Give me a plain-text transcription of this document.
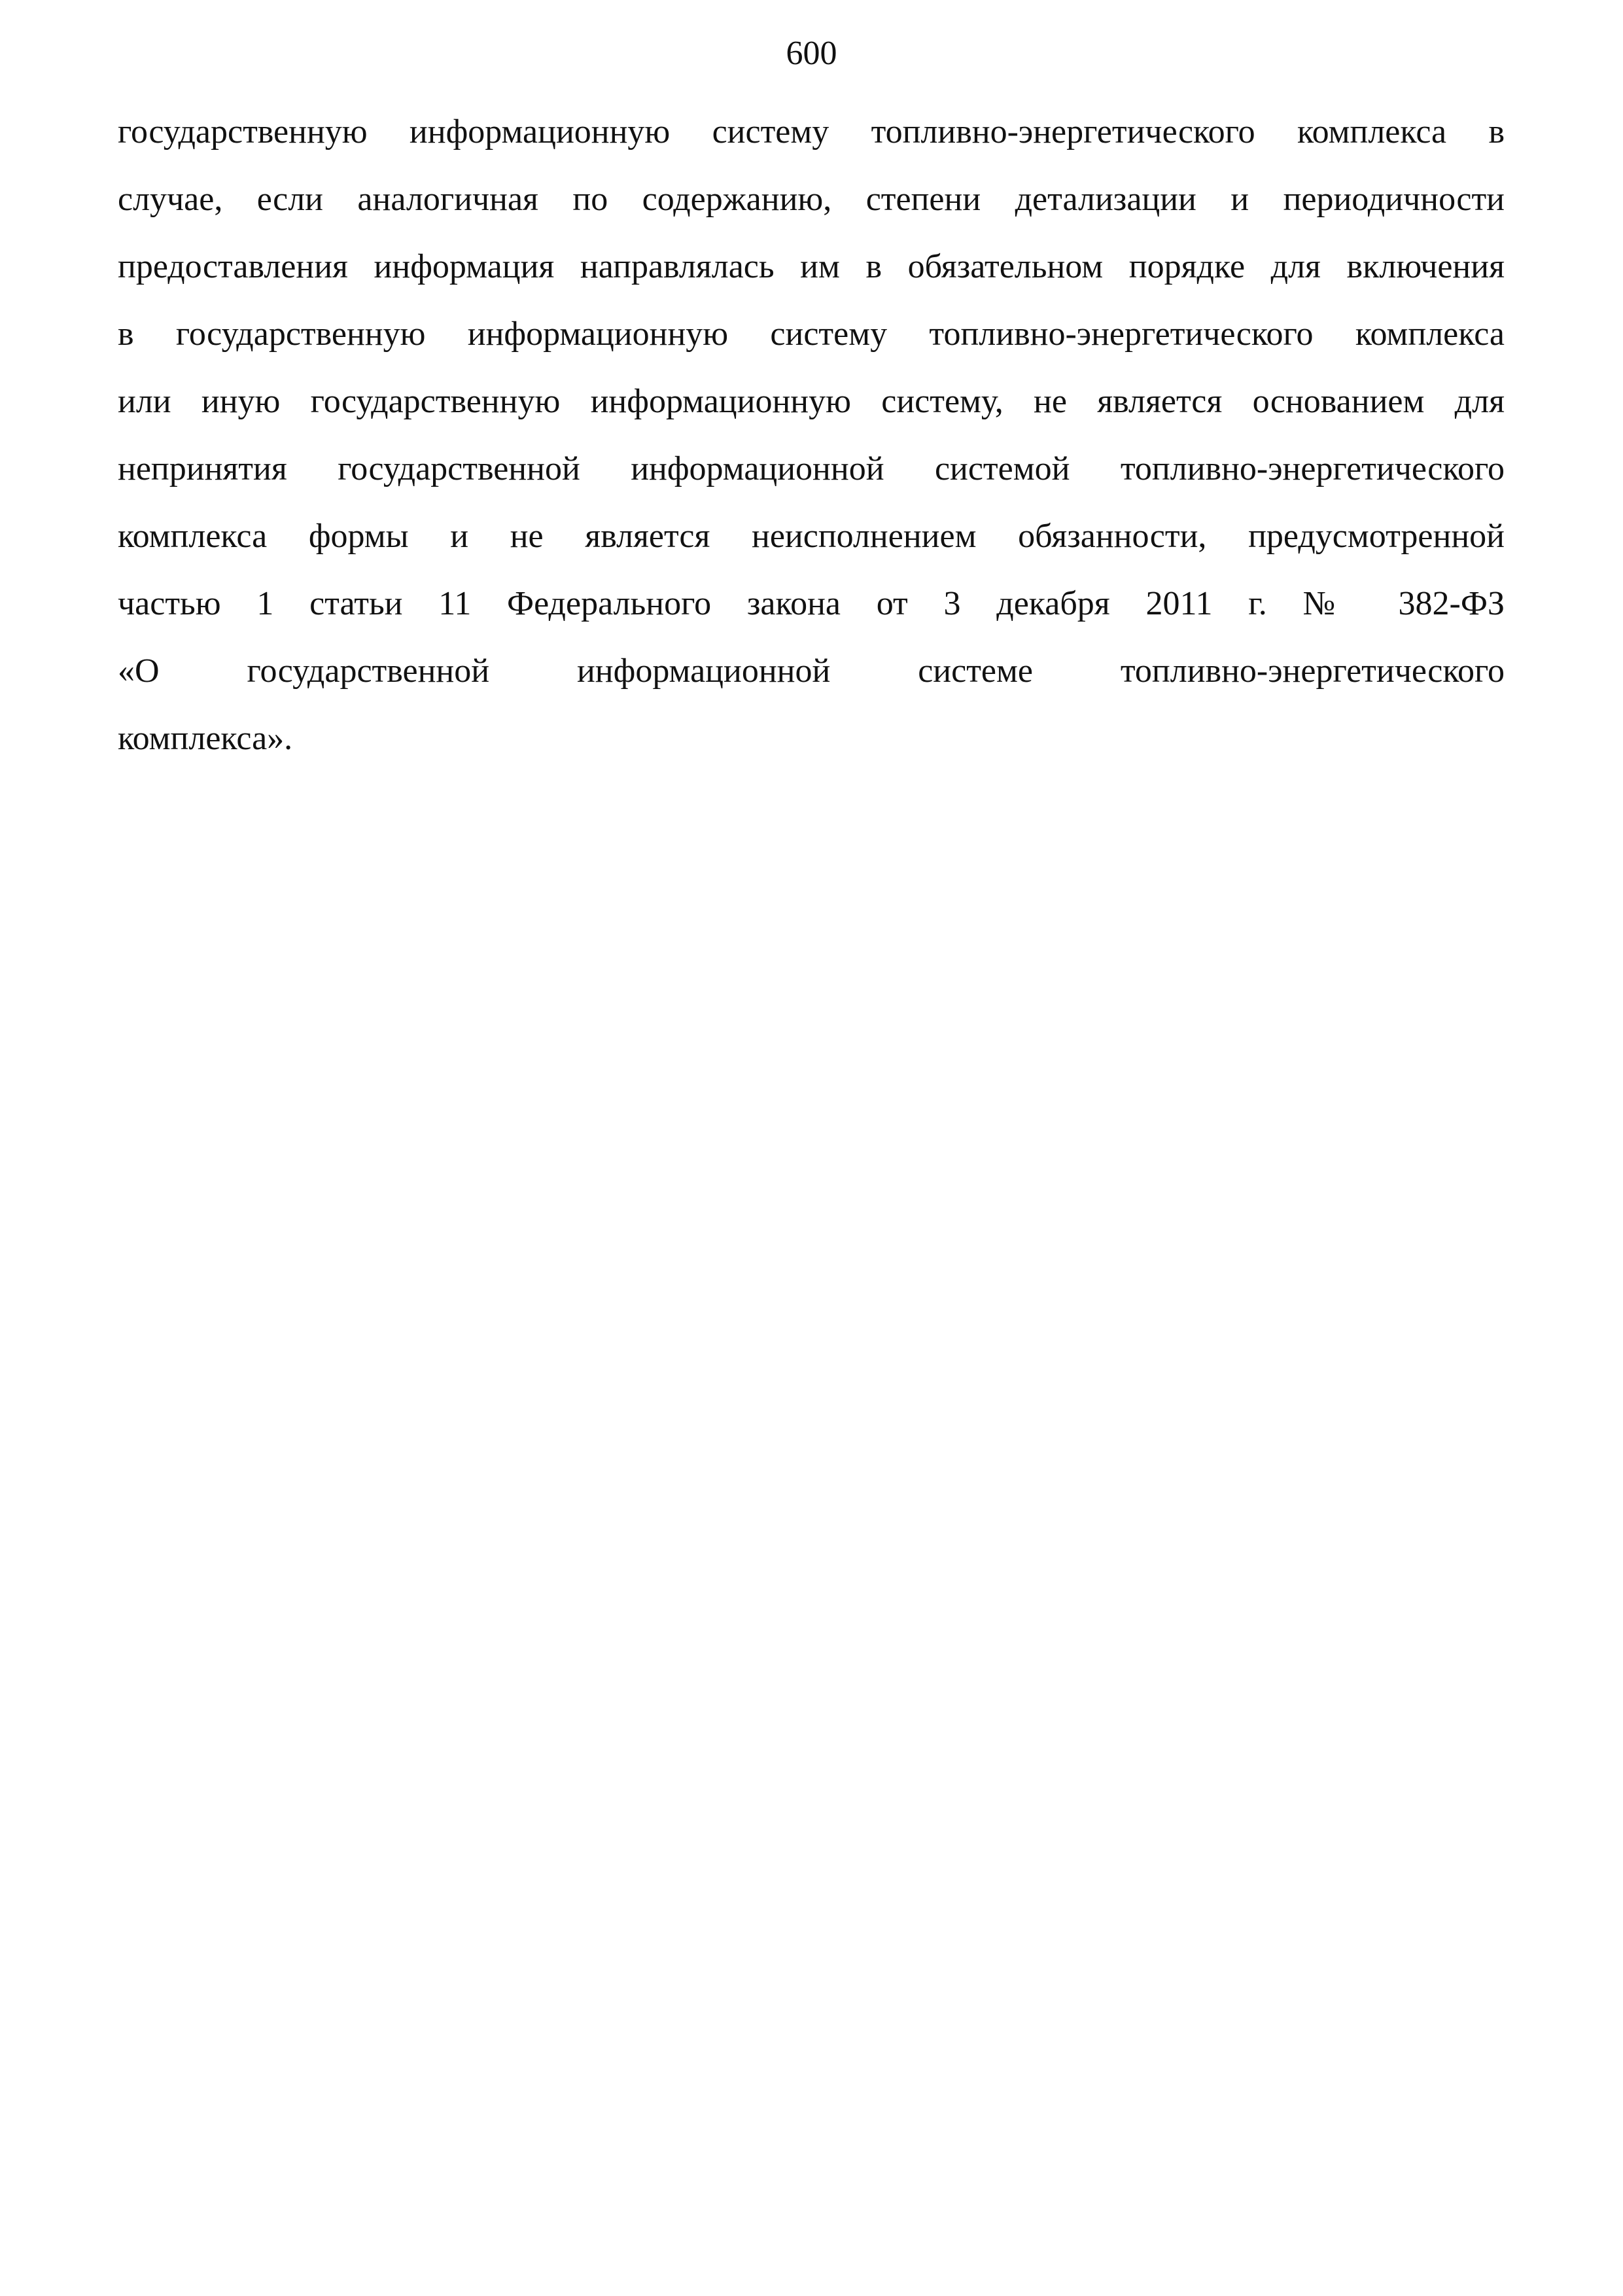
600
государственную информационную систему топливно-энергетического комплекса в
случае, если аналогичная по содержанию, степени детализации и периодичности
предоставления информация направлялась им в обязательном порядке для включения
в государственную информационную систему топливно-энергетического комплекса
или иную государственную информационную систему, не является основанием для
непринятия государственной информационной системой топливно-энергетического
комплекса формы и не является неисполнением обязанности, предусмотренной
частью 1 статьи 11 Федерального закона от 3 декабря 2011 г. № 382-ФЗ
«О государственной информационной системе топливно-энергетического
комплекса».
